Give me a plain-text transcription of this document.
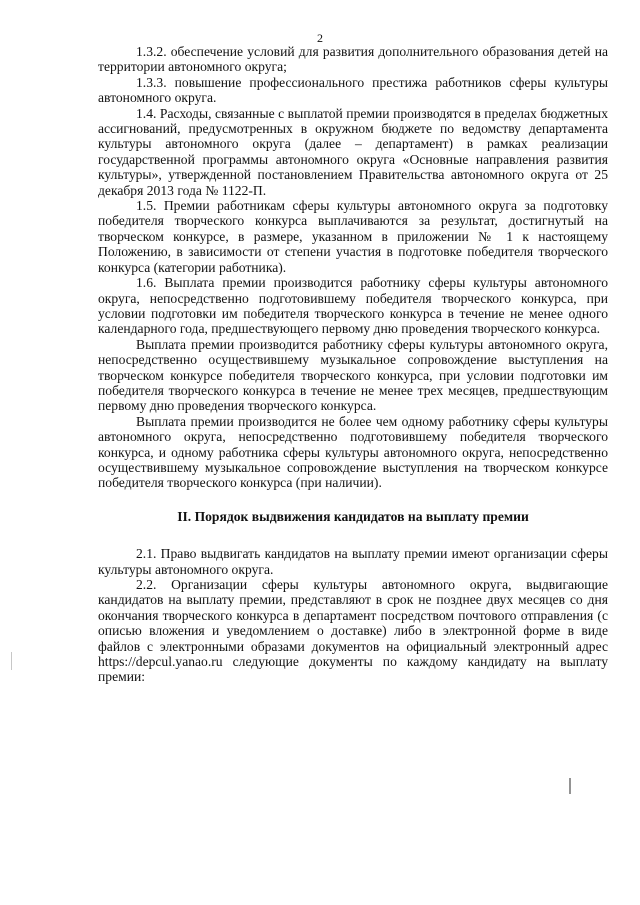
2

1.3.2. обеспечение условий для развития дополнительного образования детей на территории автономного округа;

1.3.3. повышение профессионального престижа работников сферы культуры автономного округа.

1.4. Расходы, связанные с выплатой премии производятся в пределах бюджетных ассигнований, предусмотренных в окружном бюджете по ведомству департамента культуры автономного округа (далее – департамент) в рамках реализации государственной программы автономного округа «Основные направления развития культуры», утвержденной постановлением Правительства автономного округа от 25 декабря 2013 года № 1122-П.

1.5. Премии работникам сферы культуры автономного округа за подготовку победителя творческого конкурса выплачиваются за результат, достигнутый на творческом конкурсе, в размере, указанном в приложении № 1 к настоящему Положению, в зависимости от степени участия в подготовке победителя творческого конкурса (категории работника).

1.6. Выплата премии производится работнику сферы культуры автономного округа, непосредственно подготовившему победителя творческого конкурса, при условии подготовки им победителя творческого конкурса в течение не менее одного календарного года, предшествующего первому дню проведения творческого конкурса.

Выплата премии производится работнику сферы культуры автономного округа, непосредственно осуществившему музыкальное сопровождение выступления на творческом конкурсе победителя творческого конкурса, при условии подготовки им победителя творческого конкурса в течение не менее трех месяцев, предшествующим первому дню проведения творческого конкурса.

Выплата премии производится не более чем одному работнику сферы культуры автономного округа, непосредственно подготовившему победителя творческого конкурса, и одному работника сферы культуры автономного округа, непосредственно осуществившему музыкальное сопровождение выступления на творческом конкурсе победителя творческого конкурса (при наличии).

II. Порядок выдвижения кандидатов на выплату премии

2.1. Право выдвигать кандидатов на выплату премии имеют организации сферы культуры автономного округа.

2.2. Организации сферы культуры автономного округа, выдвигающие кандидатов на выплату премии, представляют в срок не позднее двух месяцев со дня окончания творческого конкурса в департамент посредством почтового отправления (с описью вложения и уведомлением о доставке) либо в электронной форме в виде файлов с электронными образами документов на официальный электронный адрес https://depcul.yanao.ru следующие документы по каждому кандидату на выплату премии:
